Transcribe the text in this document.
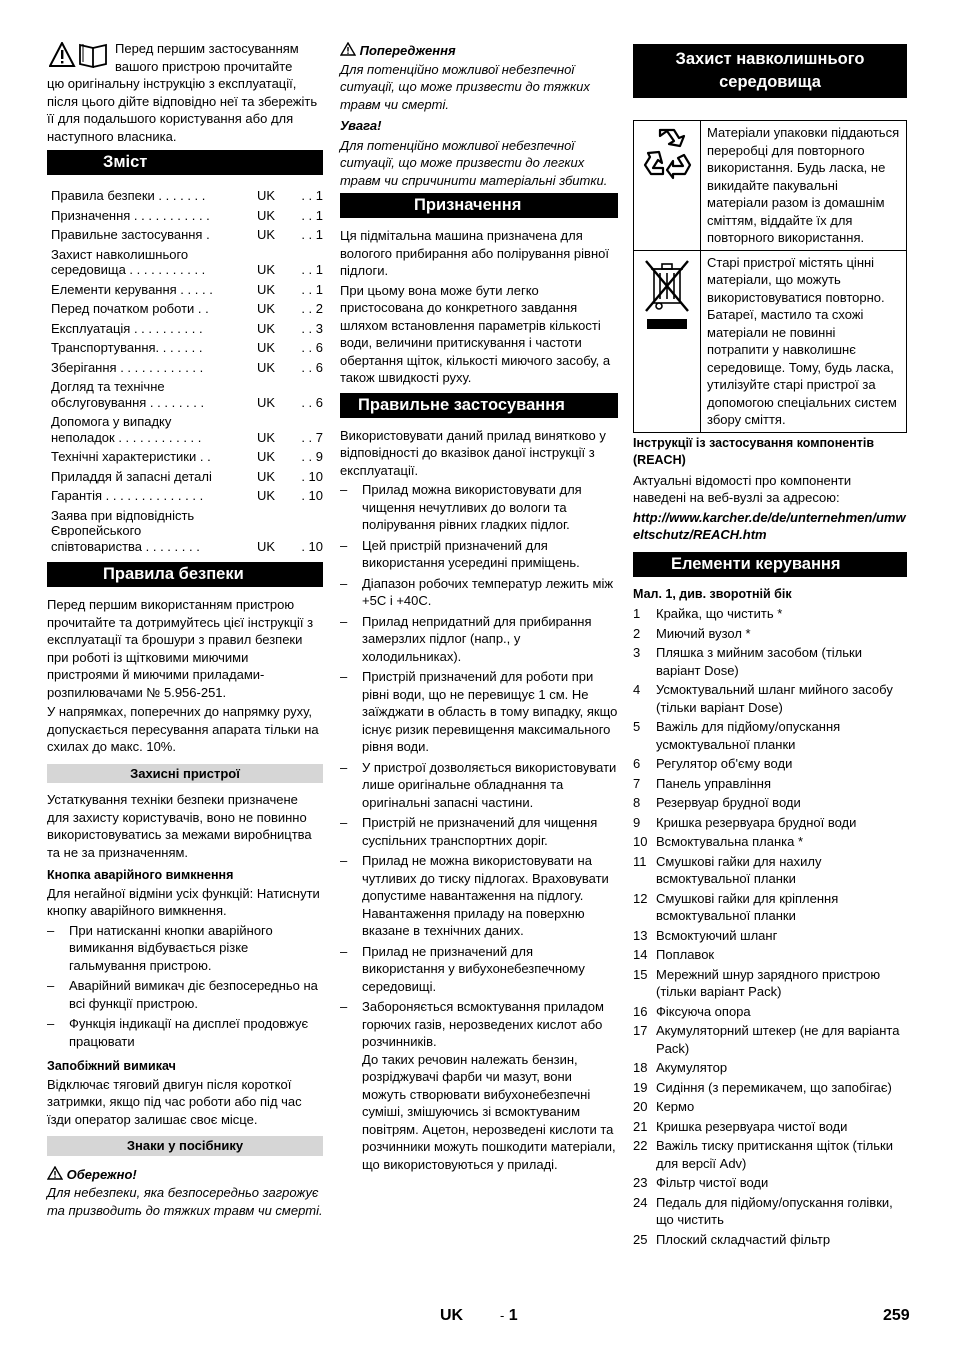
Перед першим застосуванням вашого пристрою прочитайте

цю оригінальну інструкцію з експлуатації, після цього дійте відповідно неї та збережіть її для подальшого користування або для наступного власника.

Зміст
Правила безпеки . . . . . . .	UK	. . 1
Призначення . . . . . . . . . . .	UK	. . 1
Правильне застосування .	UK	. . 1
Захист навколишнього
середовища . . . . . . . . . . .	UK	. . 1
Елементи керування . . . . .	UK	. . 1
Перед початком роботи . .	UK	. . 2
Експлуатація . . . . . . . . . .	UK	. . 3
Транспортування. . . . . . .	UK	. . 6
Зберігання . . . . . . . . . . . .	UK	. . 6
Догляд та технічне
обслуговування . . . . . . . .	UK	. . 6
Допомога у випадку
неполадок . . . . . . . . . . . .	UK	. . 7
Технічні характеристики . .	UK	. . 9
Приладдя й запасні деталі	UK	. 10
Гарантія . . . . . . . . . . . . . .	UK	. 10
Заява при відповідність
Європейського
співтовариства . . . . . . . .	UK	. 10
Правила безпеки

Перед першим використанням пристрою прочитайте та дотримуйтесь цієї інструкції з експлуатації та брошури з правил безпеки при роботі із щітковими миючими пристроями й миючими приладами-розпилювачами № 5.956-251.

У напрямках, поперечних до напрямку руху, допускається пересування апарата тільки на схилах до макс. 10%.

Захисні пристрої

Устаткування техніки безпеки призначене для захисту користувачів, воно не повинно використовуватись за межами виробництва та не за призначенням.

Кнопка аварійного вимкнення

Для негайної відміни усіх функцій: Натиснути кнопку аварійного вимкнення.

– При натисканні кнопки аварійного вимикання відбувається різке гальмування пристрою.
– Аварійний вимикач діє безпосередньо на всі функції пристрою.
– Функція індикації на дисплеї продовжує працювати
Запобіжний вимикач

Відключає тяговий двигун після короткої затримки, якщо під час роботи або під час їзди оператор залишає своє місце.

Знаки у посібнику
Обережно!

Для небезпеки, яка безпосередньо загрожує та призводить до тяжких травм чи смерті.

Попередження

Для потенційно можливої небезпечної ситуації, що може призвести до тяжких травм чи смерті.

Увага!

Для потенційно можливої небезпечної ситуації, що може призвести до легких травм чи спричинити матеріальні збитки.

Призначення

Ця підмітальна машина призначена для вологого прибирання або полірування рівної підлоги.

При цьому вона може бути легко пристосована до конкретного завдання шляхом встановлення параметрів кількості води, величини притискування і частоти обертання щіток, кількості миючого засобу, а також швидкості руху.

Правильне застосування

Використовувати даний прилад винятково у відповідності до вказівок даної інструкції з експлуатації.

– Прилад можна використовувати для чищення нечутливих до вологи та полірування рівних гладких підлог.
– Цей пристрій призначений для використання усередині приміщень.
– Діапазон робочих температур лежить між +5С і +40С.
– Прилад непридатний для прибирання замерзлих підлог (напр., у холодильниках).
– Пристрій призначений для роботи при рівні води, що не перевищує 1 см. Не заїжджати в область в тому випадку, якщо існує ризик перевищення максимального рівня води.
– У пристрої дозволяється використовувати лише оригінальне обладнання та оригінальні запасні частини.
– Пристрій не призначений для чищення суспільних транспортних доріг.
– Прилад не можна використовувати на чутливих до тиску підлогах. Враховувати допустиме навантаження на підлогу. Навантаження приладу на поверхню вказане в технічних даних.
– Прилад не призначений для використання у вибухонебезпечному середовищі.
– Забороняється всмоктування приладом горючих газів, нерозведених кислот або розчинників.
До таких речовин належать бензин, розріджувачі фарби чи мазут, вони можуть створювати вибухонебезпечні суміші, змішуючись зі всмоктуваним повітрям. Ацетон, нерозведені кислоти та розчинники можуть пошкодити матеріали, що використовуються у приладі.
Захист навколишнього середовища
	Матеріали упаковки піддаються переробці для повторного використання. Будь ласка, не викидайте пакувальні матеріали разом із домашнім сміттям, віддайте їх для повторного використання.
	Старі пристрої містять цінні матеріали, що можуть використовуватися повторно. Батареї, мастило та схожі матеріали не повинні потрапити у навколишнє середовище. Тому, будь ласка, утилізуйте старі пристрої за допомогою спеціальних систем збору сміття.

Інструкції із застосування компонентів (REACH)

Актуальні відомості про компоненти наведені на веб-вузлі за адресою:

http://www.karcher.de/de/unternehmen/umweltschutz/REACH.htm

Елементи керування

Мал. 1, див. зворотній бік

1 Крайка, що чистить *
2 Миючий вузол *
3 Пляшка з мийним засобом (тільки варіант Dose)
4 Усмоктувальний шланг мийного засобу (тільки варіант Dose)
5 Важіль для підйому/опускання усмоктувальної планки
6 Регулятор об'єму води
7 Панель управління
8 Резервуар брудної води
9 Кришка резервуара брудної води
10 Всмоктувальна планка *
11 Смушкові гайки для нахилу всмоктувальної планки
12 Смушкові гайки для кріплення всмоктувальної планки
13 Всмоктуючий шланг
14 Поплавок
15 Мережний шнур зарядного пристрою (тільки варіант Pack)
16 Фіксуюча опора
17 Акумуляторний штекер (не для варіанта Pack)
18 Акумулятор
19 Сидіння (з перемикачем, що запобігає)
20 Кермо
21 Кришка резервуара чистої води
22 Важіль тиску притискання щіток (тільки для версії Adv)
23 Фільтр чистої води
24 Педаль для підйому/опускання голівки, що чистить
25 Плоский складчастий фільтр
UK	- 1	259
